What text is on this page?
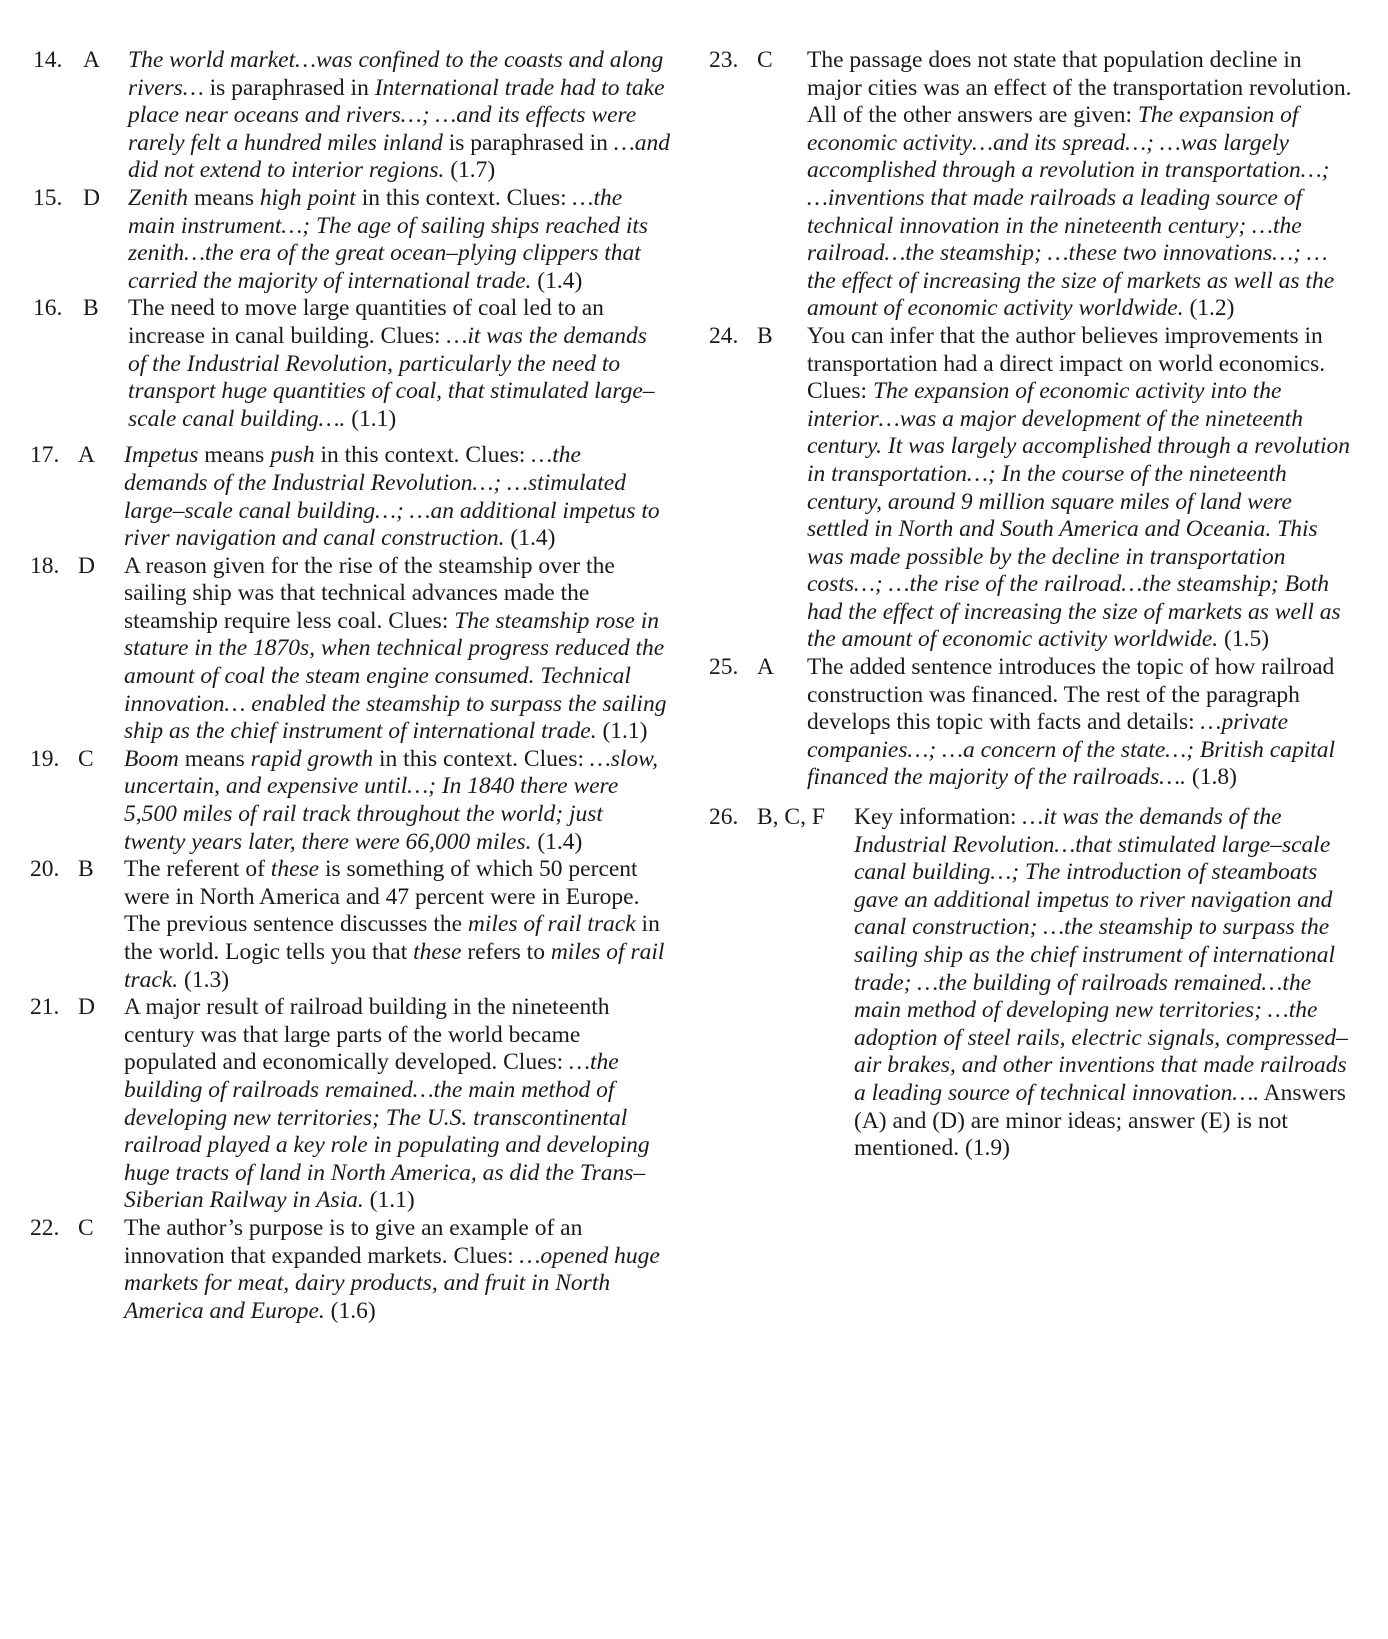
14. A	The world market…was confined to the coasts and along rivers… is paraphrased in International trade had to take place near oceans and rivers…; …and its effects were rarely felt a hundred miles inland is paraphrased in …and did not extend to interior regions. (1.7)

15. D	Zenith means high point in this context. Clues: …the main instrument…; The age of sailing ships reached its zenith…the era of the great ocean–plying clippers that carried the majority of international trade. (1.4)

16. B	The need to move large quantities of coal led to an increase in canal building. Clues: …it was the demands of the Industrial Revolution, particularly the need to transport huge quantities of coal, that stimulated large–scale canal building…. (1.1)

17. A	Impetus means push in this context. Clues: …the demands of the Industrial Revolution…; …stimulated large–scale canal building…; …an additional impetus to river navigation and canal construction. (1.4)

18. D	A reason given for the rise of the steamship over the sailing ship was that technical advances made the steamship require less coal. Clues: The steamship rose in stature in the 1870s, when technical progress reduced the amount of coal the steam engine consumed. Technical innovation… enabled the steamship to surpass the sailing ship as the chief instrument of international trade. (1.1)

19. C	Boom means rapid growth in this context. Clues: …slow, uncertain, and expensive until…; In 1840 there were 5,500 miles of rail track throughout the world; just twenty years later, there were 66,000 miles. (1.4)

20. B	The referent of these is something of which 50 percent were in North America and 47 percent were in Europe. The previous sentence discusses the miles of rail track in the world. Logic tells you that these refers to miles of rail track. (1.3)

21. D	A major result of railroad building in the nineteenth century was that large parts of the world became populated and economically developed. Clues: …the building of railroads remained…the main method of developing new territories; The U.S. transcontinental railroad played a key role in populating and developing huge tracts of land in North America, as did the Trans–Siberian Railway in Asia. (1.1)

22. C	The author’s purpose is to give an example of an innovation that expanded markets. Clues: …opened huge markets for meat, dairy products, and fruit in North America and Europe. (1.6)

23. C	The passage does not state that population decline in major cities was an effect of the transportation revolution. All of the other answers are given: The expansion of economic activity…and its spread…; …was largely accomplished through a revolution in transportation…; …inventions that made railroads a leading source of technical innovation in the nineteenth century; …the railroad…the steamship; …these two innovations…; …the effect of increasing the size of markets as well as the amount of economic activity worldwide. (1.2)

24. B	You can infer that the author believes improvements in transportation had a direct impact on world economics. Clues: The expansion of economic activity into the interior…was a major development of the nineteenth century. It was largely accomplished through a revolution in transportation…; In the course of the nineteenth century, around 9 million square miles of land were settled in North and South America and Oceania. This was made possible by the decline in transportation costs…; …the rise of the railroad…the steamship; Both had the effect of increasing the size of markets as well as the amount of economic activity worldwide. (1.5)

25. A	The added sentence introduces the topic of how railroad construction was financed. The rest of the paragraph develops this topic with facts and details: …private companies…; …a concern of the state…; British capital financed the majority of the railroads…. (1.8)

26. B, C, F	Key information: …it was the demands of the Industrial Revolution…that stimulated large–scale canal building…; The introduction of steamboats gave an additional impetus to river navigation and canal construction; …the steamship to surpass the sailing ship as the chief instrument of international trade; …the building of railroads remained…the main method of developing new territories; …the adoption of steel rails, electric signals, compressed–air brakes, and other inventions that made railroads a leading source of technical innovation…. Answers (A) and (D) are minor ideas; answer (E) is not mentioned. (1.9)
